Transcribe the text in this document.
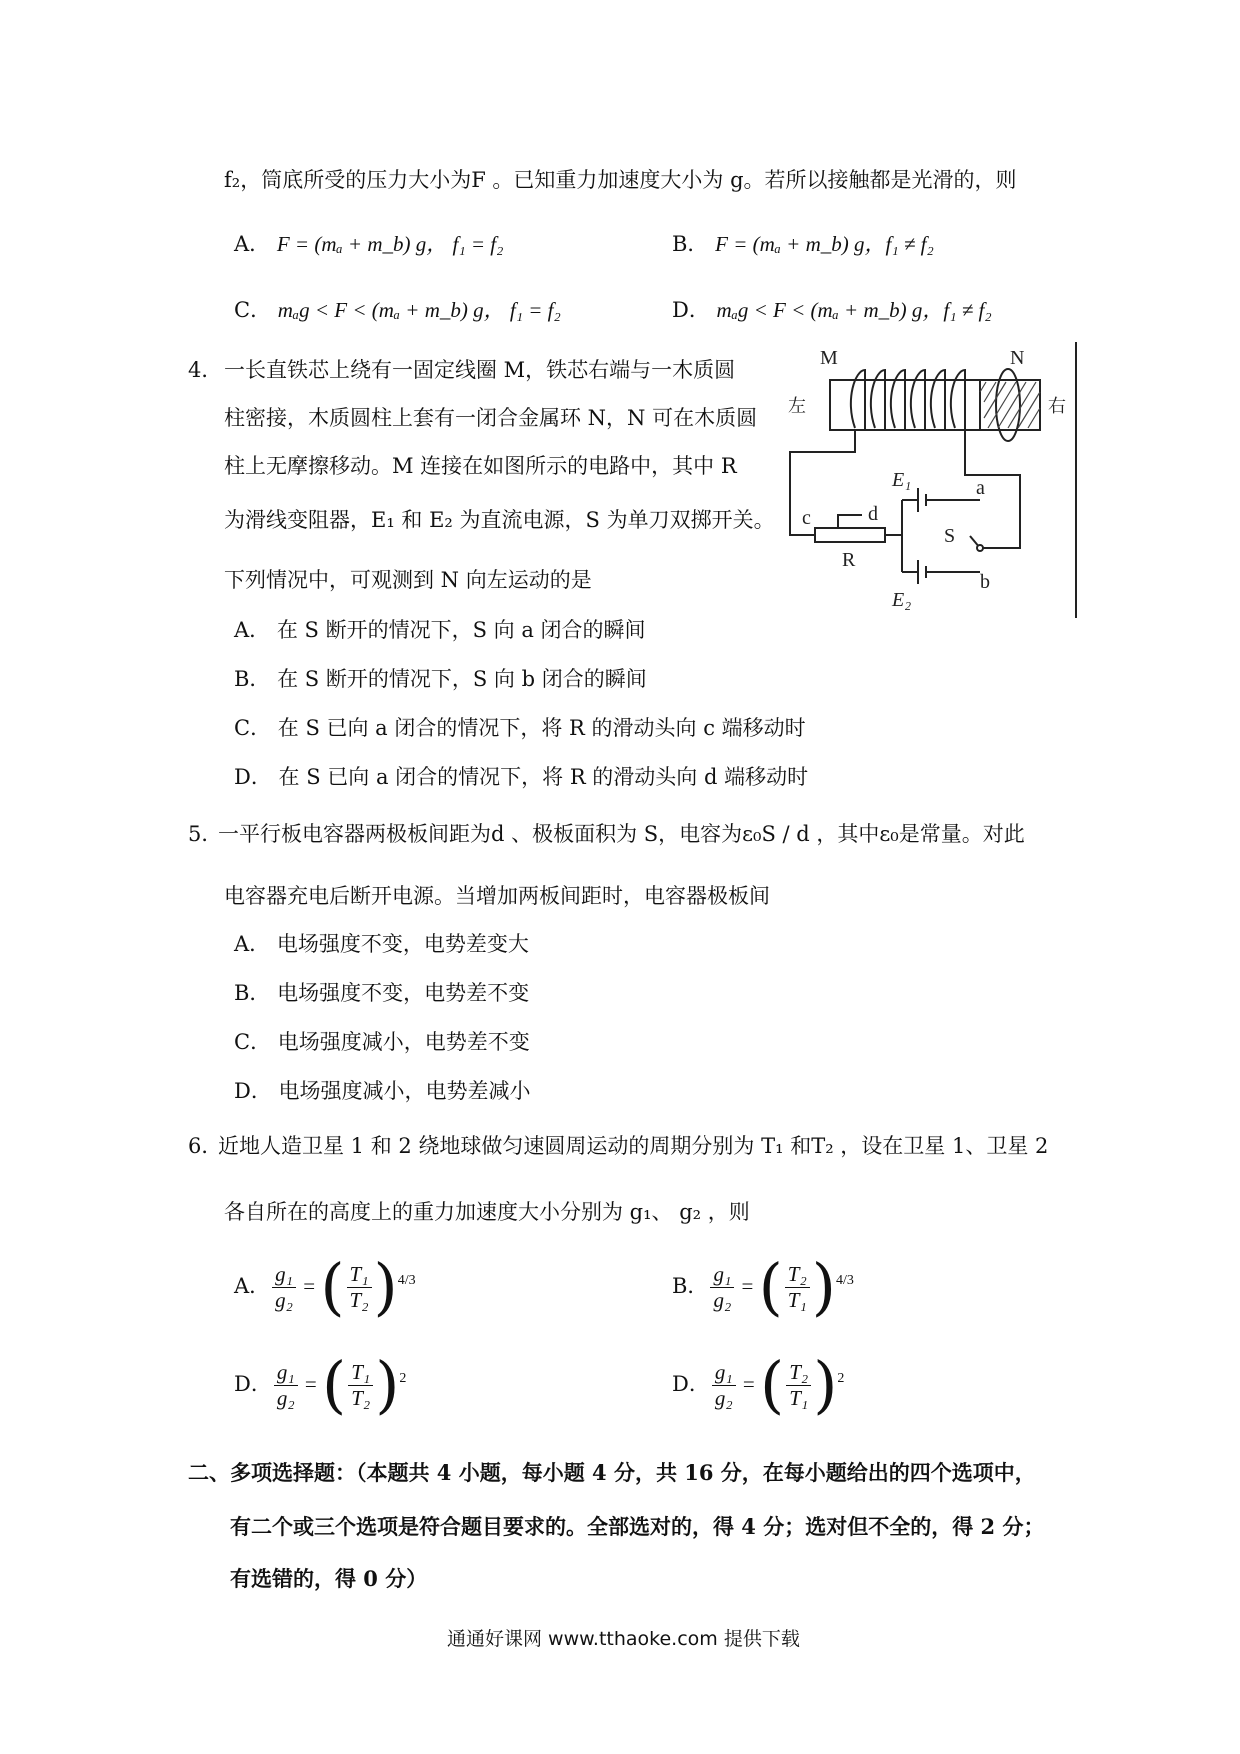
f₂，筒底所受的压力大小为F 。已知重力加速度大小为 g。若所以接触都是光滑的，则
A． F = (mₐ + m_b) g， f₁ = f₂	B． F = (mₐ + m_b) g，f₁ ≠ f₂
C． mₐg < F < (mₐ + m_b) g， f₁ = f₂	D． mₐg < F < (mₐ + m_b) g，f₁ ≠ f₂
4． 一长直铁芯上绕有一固定线圈 M，铁芯右端与一木质圆
柱密接，木质圆柱上套有一闭合金属环 N，N 可在木质圆
柱上无摩擦移动。M 连接在如图所示的电路中，其中 R
为滑线变阻器，E₁ 和 E₂ 为直流电源，S 为单刀双掷开关。
下列情况中，可观测到 N 向左运动的是
M	N
左	右
E₁
E₂
S
a
b
c	d
R
A． 在 S 断开的情况下，S 向 a 闭合的瞬间
B． 在 S 断开的情况下，S 向 b 闭合的瞬间
C． 在 S 已向 a 闭合的情况下，将 R 的滑动头向 c 端移动时
D． 在 S 已向 a 闭合的情况下，将 R 的滑动头向 d 端移动时
5．
一平行板电容器两极板间距为d 、极板面积为 S，电容为ε₀S / d ，其中ε₀是常量。对此
电容器充电后断开电源。当增加两板间距时，电容器极板间
A． 电场强度不变，电势差变大
B． 电场强度不变，电势差不变
C． 电场强度减小，电势差不变
D． 电场强度减小，电势差减小
6．
近地人造卫星 1 和 2 绕地球做匀速圆周运动的周期分别为 T₁ 和T₂ ，设在卫星 1、卫星 2
各自所在的高度上的重力加速度大小分别为 g₁、 g₂ ，则
A． $\frac{\text{g₁}}{\text{g₂}}$ = ( $\frac{\text{T₁}}{\text{T₂}}$ ) 4/3	B． $\frac{\text{g₁}}{\text{g₂}}$ = ( $\frac{\text{T₂}}{\text{T₁}}$ ) 4/3
D． $\frac{\text{g₁}}{\text{g₂}}$ = ( $\frac{\text{T₁}}{\text{T₂}}$ ) 2	D． $\frac{\text{g₁}}{\text{g₂}}$ = ( $\frac{\text{T₂}}{\text{T₁}}$ ) 2
二、多项选择题：（本题共 4 小题，每小题 4 分，共 16 分，在每小题给出的四个选项中，
有二个或三个选项是符合题目要求的。全部选对的，得 4 分；选对但不全的，得 2 分；
有选错的，得 0 分）
通通好课网 www.tthaoke.com 提供下载
